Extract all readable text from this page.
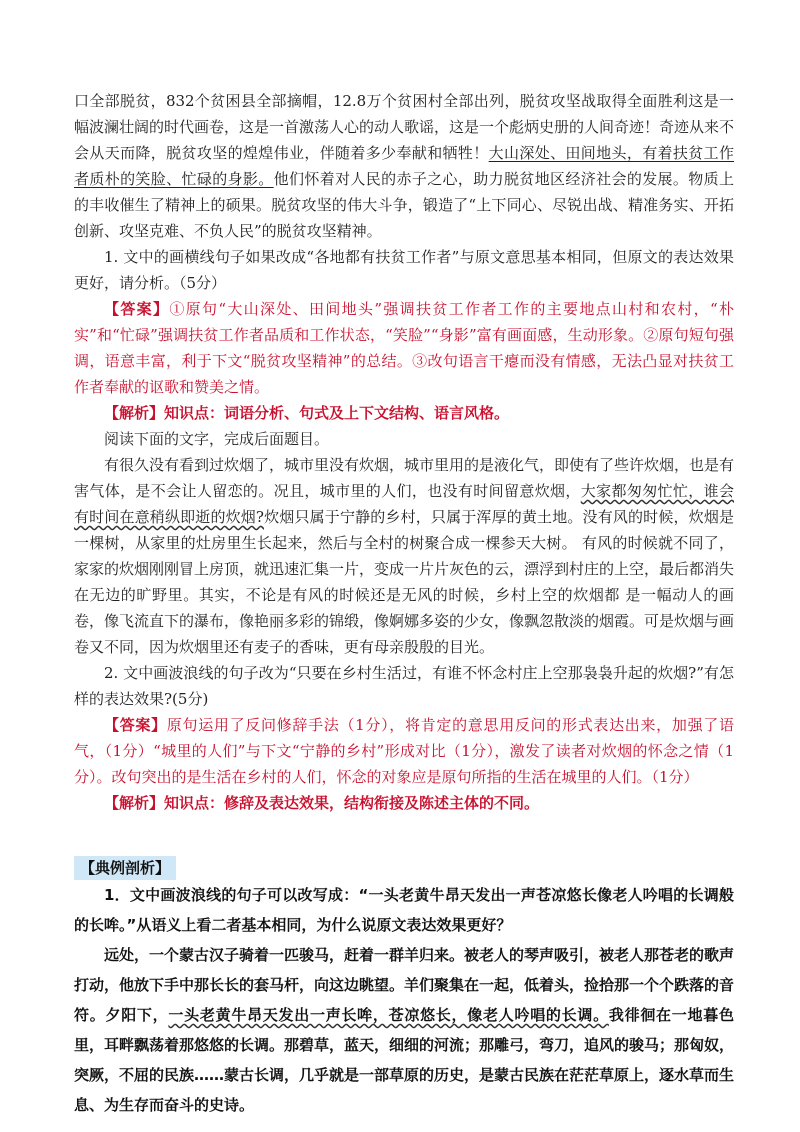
口全部脱贫，832个贫困县全部摘帽，12.8万个贫困村全部出列，脱贫攻坚战取得全面胜利这是一幅波澜壮阔的时代画卷，这是一首激荡人心的动人歌谣，这是一个彪炳史册的人间奇迹！奇迹从来不会从天而降，脱贫攻坚的煌煌伟业，伴随着多少奉献和牺牲！大山深处、田间地头，有着扶贫工作者质朴的笑脸、忙碌的身影。他们怀着对人民的赤子之心，助力脱贫地区经济社会的发展。物质上的丰收催生了精神上的硕果。脱贫攻坚的伟大斗争，锻造了“上下同心、尽锐出战、精准务实、开拓创新、攻坚克难、不负人民”的脱贫攻坚精神。

1. 文中的画横线句子如果改成“各地都有扶贫工作者”与原文意思基本相同，但原文的表达效果更好，请分析。（5分）

【答案】①原句“大山深处、田间地头”强调扶贫工作者工作的主要地点山村和农村，“朴实”和“忙碌”强调扶贫工作者品质和工作状态，“笑脸”“身影”富有画面感，生动形象。②原句短句强调，语意丰富，利于下文“脱贫攻坚精神”的总结。③改句语言干瘪而没有情感，无法凸显对扶贫工作者奉献的讴歌和赞美之情。

【解析】知识点：词语分析、句式及上下文结构、语言风格。

阅读下面的文字，完成后面题目。

有很久没有看到过炊烟了，城市里没有炊烟，城市里用的是液化气，即使有了些许炊烟，也是有害气体，是不会让人留恋的。况且，城市里的人们，也没有时间留意炊烟，大家都匆匆忙忙，谁会有时间在意稍纵即逝的炊烟?炊烟只属于宁静的乡村，只属于浑厚的黄土地。没有风的时候，炊烟是一棵树，从家里的灶房里生长起来，然后与全村的树聚合成一棵参天大树。 有风的时候就不同了，家家的炊烟刚刚冒上房顶，就迅速汇集一片，变成一片片灰色的云，漂浮到村庄的上空，最后都消失在无边的旷野里。其实，不论是有风的时候还是无风的时候，乡村上空的炊烟都 是一幅动人的画卷，像飞流直下的瀑布，像艳丽多彩的锦缎，像婀娜多姿的少女，像飘忽散淡的烟霞。可是炊烟与画卷又不同，因为炊烟里还有麦子的香味，更有母亲殷殷的目光。

2. 文中画波浪线的句子改为“只要在乡村生活过，有谁不怀念村庄上空那袅袅升起的炊烟?”有怎样的表达效果?(5分)

【答案】原句运用了反问修辞手法（1分），将肯定的意思用反问的形式表达出来，加强了语气，（1分）“城里的人们”与下文“宁静的乡村”形成对比（1分），激发了读者对炊烟的怀念之情（1分）。改句突出的是生活在乡村的人们，怀念的对象应是原句所指的生活在城里的人们。（1分）

【解析】知识点：修辞及表达效果，结构衔接及陈述主体的不同。

【典例剖析】

1．文中画波浪线的句子可以改写成：“一头老黄牛昂天发出一声苍凉悠长像老人吟唱的长调般的长哞。”从语义上看二者基本相同，为什么说原文表达效果更好？

远处，一个蒙古汉子骑着一匹骏马，赶着一群羊归来。被老人的琴声吸引，被老人那苍老的歌声打动，他放下手中那长长的套马杆，向这边眺望。羊们聚集在一起，低着头，捡拾那一个个跌落的音符。夕阳下，一头老黄牛昂天发出一声长哞，苍凉悠长，像老人吟唱的长调。我徘徊在一地暮色里，耳畔飘荡着那悠悠的长调。那碧草，蓝天，细细的河流；那雕弓，弯刀，追风的骏马；那匈奴，突厥，不屈的民族……蒙古长调，几乎就是一部草原的历史，是蒙古民族在茫茫草原上，逐水草而生息、为生存而奋斗的史诗。
